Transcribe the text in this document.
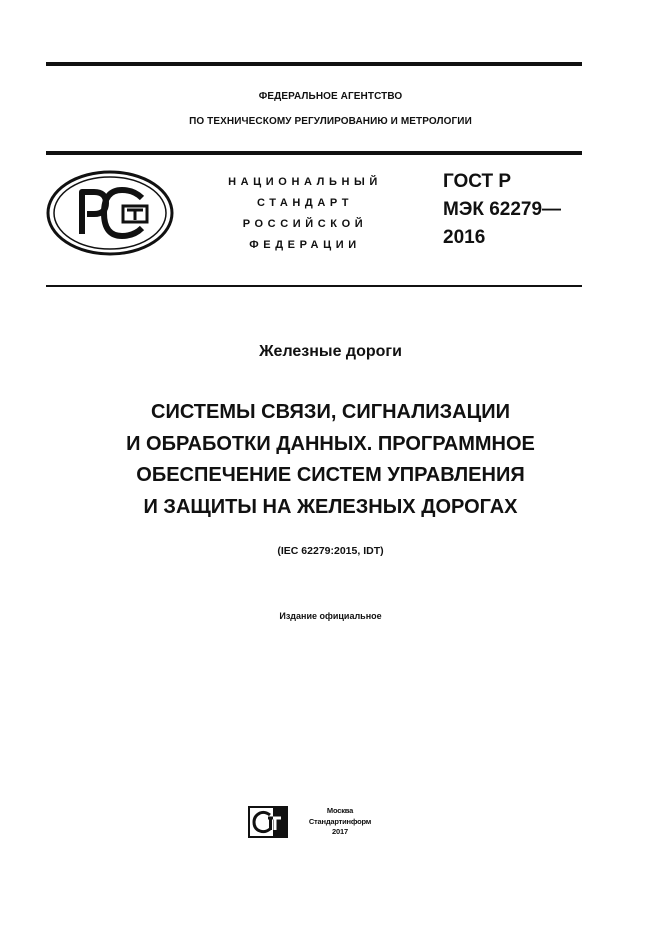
ФЕДЕРАЛЬНОЕ АГЕНТСТВО
ПО ТЕХНИЧЕСКОМУ РЕГУЛИРОВАНИЮ И МЕТРОЛОГИИ
НАЦИОНАЛЬНЫЙ
СТАНДАРТ
РОССИЙСКОЙ
ФЕДЕРАЦИИ
ГОСТ Р
МЭК 62279—
2016
Железные дороги
СИСТЕМЫ СВЯЗИ, СИГНАЛИЗАЦИИ
И ОБРАБОТКИ ДАННЫХ. ПРОГРАММНОЕ
ОБЕСПЕЧЕНИЕ СИСТЕМ УПРАВЛЕНИЯ
И ЗАЩИТЫ НА ЖЕЛЕЗНЫХ ДОРОГАХ
(IEC 62279:2015, IDT)
Издание официальное
Москва
Стандартинформ
2017
